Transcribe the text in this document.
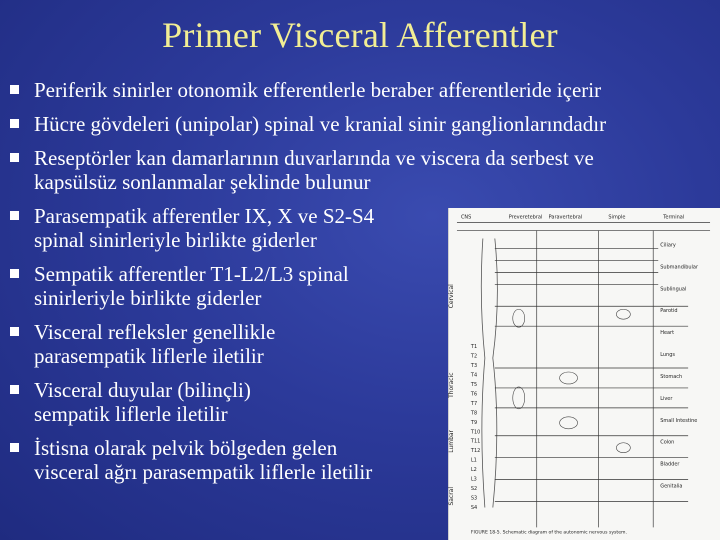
Primer Visceral Afferentler
Periferik sinirler otonomik efferentlerle beraber afferentleride içerir
Hücre gövdeleri (unipolar) spinal ve kranial sinir ganglionlarındadır
Reseptörler kan damarlarının duvarlarında ve viscera da serbest ve
kapsülsüz sonlanmalar şeklinde bulunur
Parasempatik afferentler IX, X ve S2-S4
spinal sinirleriyle birlikte giderler
Sempatik afferentler T1-L2/L3 spinal
sinirleriyle birlikte giderler
Visceral refleksler genellikle
parasempatik liflerle iletilir
Visceral duyular (bilinçli)
sempatik liflerle iletilir
İstisna olarak pelvik bölgeden gelen
visceral ağrı parasempatik liflerle iletilir
CNS	Preveretebral Paravertebral	Simple	Terminal
Cervical
Thoracic
Lumbar
Sacral
T1
T2
T3
T4
T5
T6
T7
T8
T9
T10
T11
T12
L1
L2
L3
S2
S3
S4
Ciliary
Submandibular
Sublingual
Parotid
Heart
Lungs
Stomach
Liver
Small Intestine
Colon
Bladder
Genitalia
FIGURE 18-5. Schematic diagram of the autonomic nervous system.
